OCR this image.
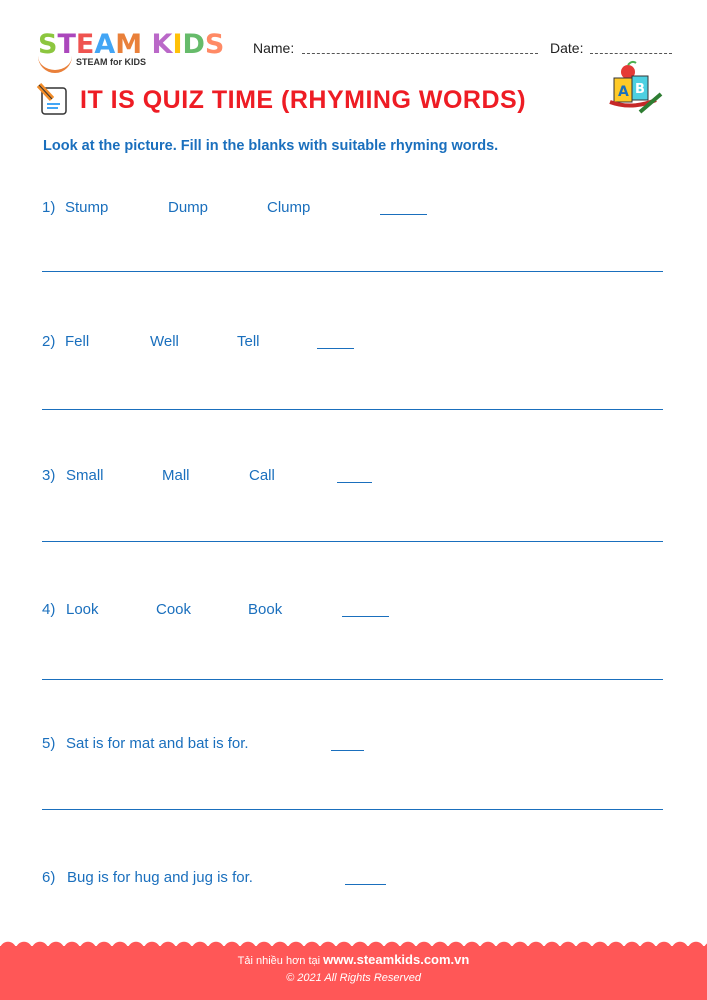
STEAM KIDS
STEAM for KIDS
Name:	Date:
IT IS QUIZ TIME (RHYMING WORDS)	A B
Look at the picture. Fill in the blanks with suitable rhyming words.
1) Stump	Dump	Clump
2) Fell	Well	Tell
3) Small	Mall	Call
4) Look	Cook	Book
5) Sat is for mat and bat is for.
6) Bug is for hug and jug is for.
Tải nhiều hơn tại www.steamkids.com.vn
© 2021 All Rights Reserved
